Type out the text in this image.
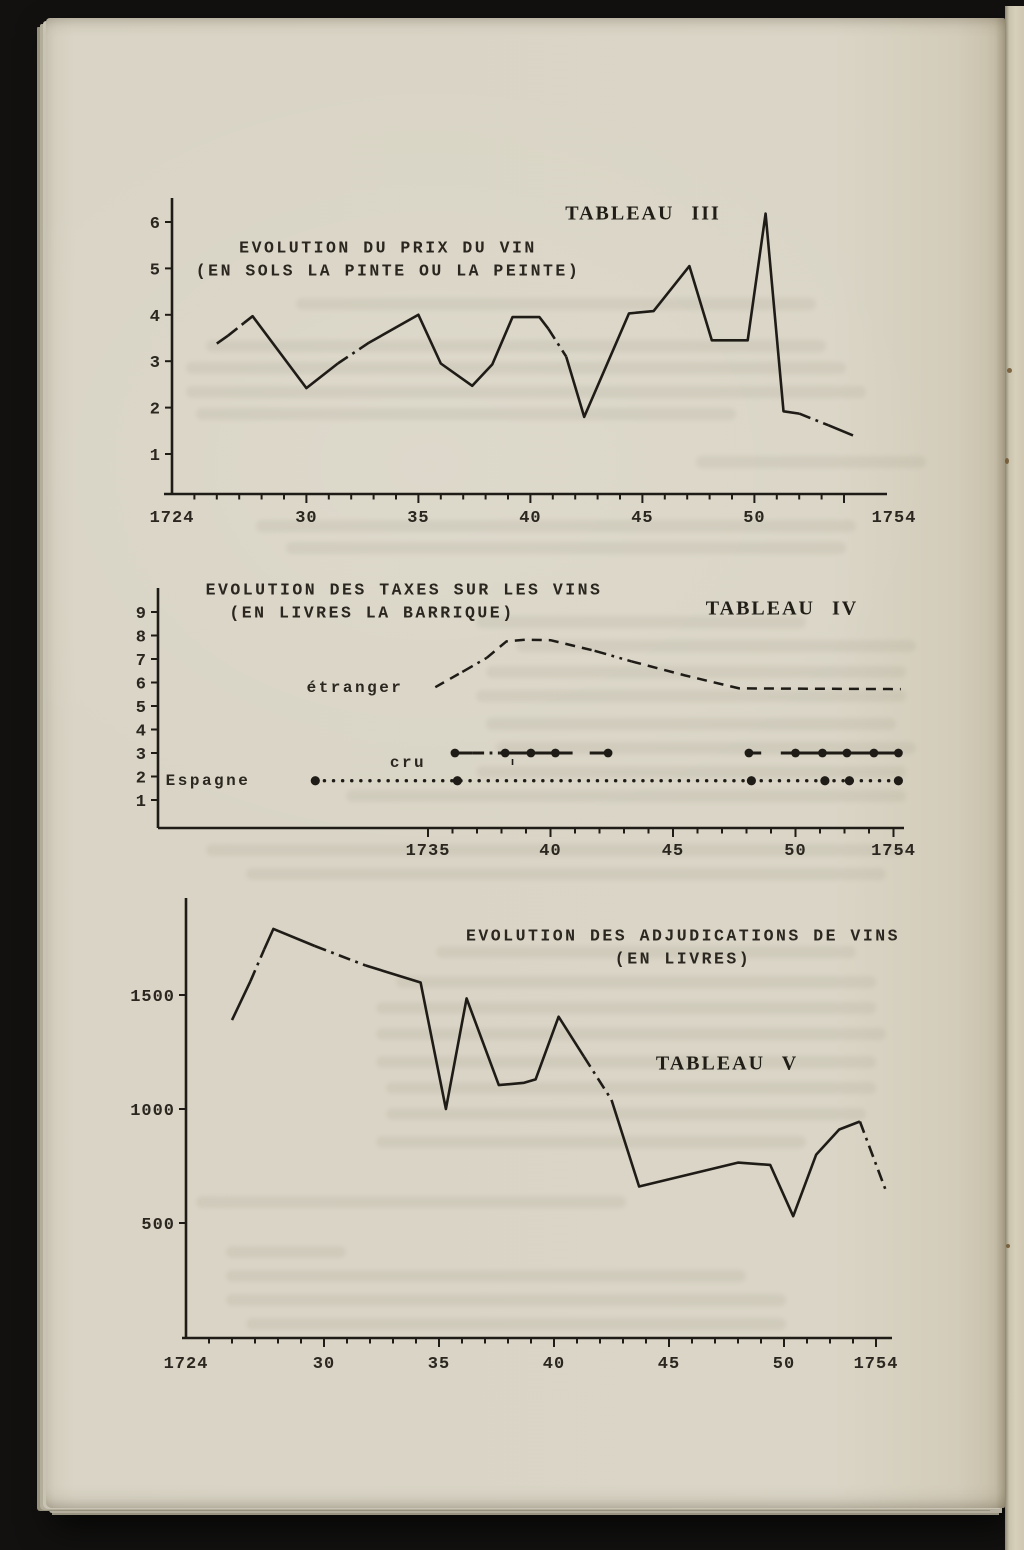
EVOLUTION DU PRIX DU VIN
(EN SOLS LA PINTE OU LA PEINTE)
TABLEAU III
6
5
4
3
2
1
1724	30	35	40	45	50	1754
EVOLUTION DES TAXES SUR LES VINS
(EN LIVRES LA BARRIQUE)	TABLEAU IV
étranger
cru
Espagne
9
8
7
6
5
4
3
2
1
1735	40	45	50	1754
EVOLUTION DES ADJUDICATIONS DE VINS
(EN LIVRES)
TABLEAU V
1500
1000
500
1724	30	35	40	45	50	1754
